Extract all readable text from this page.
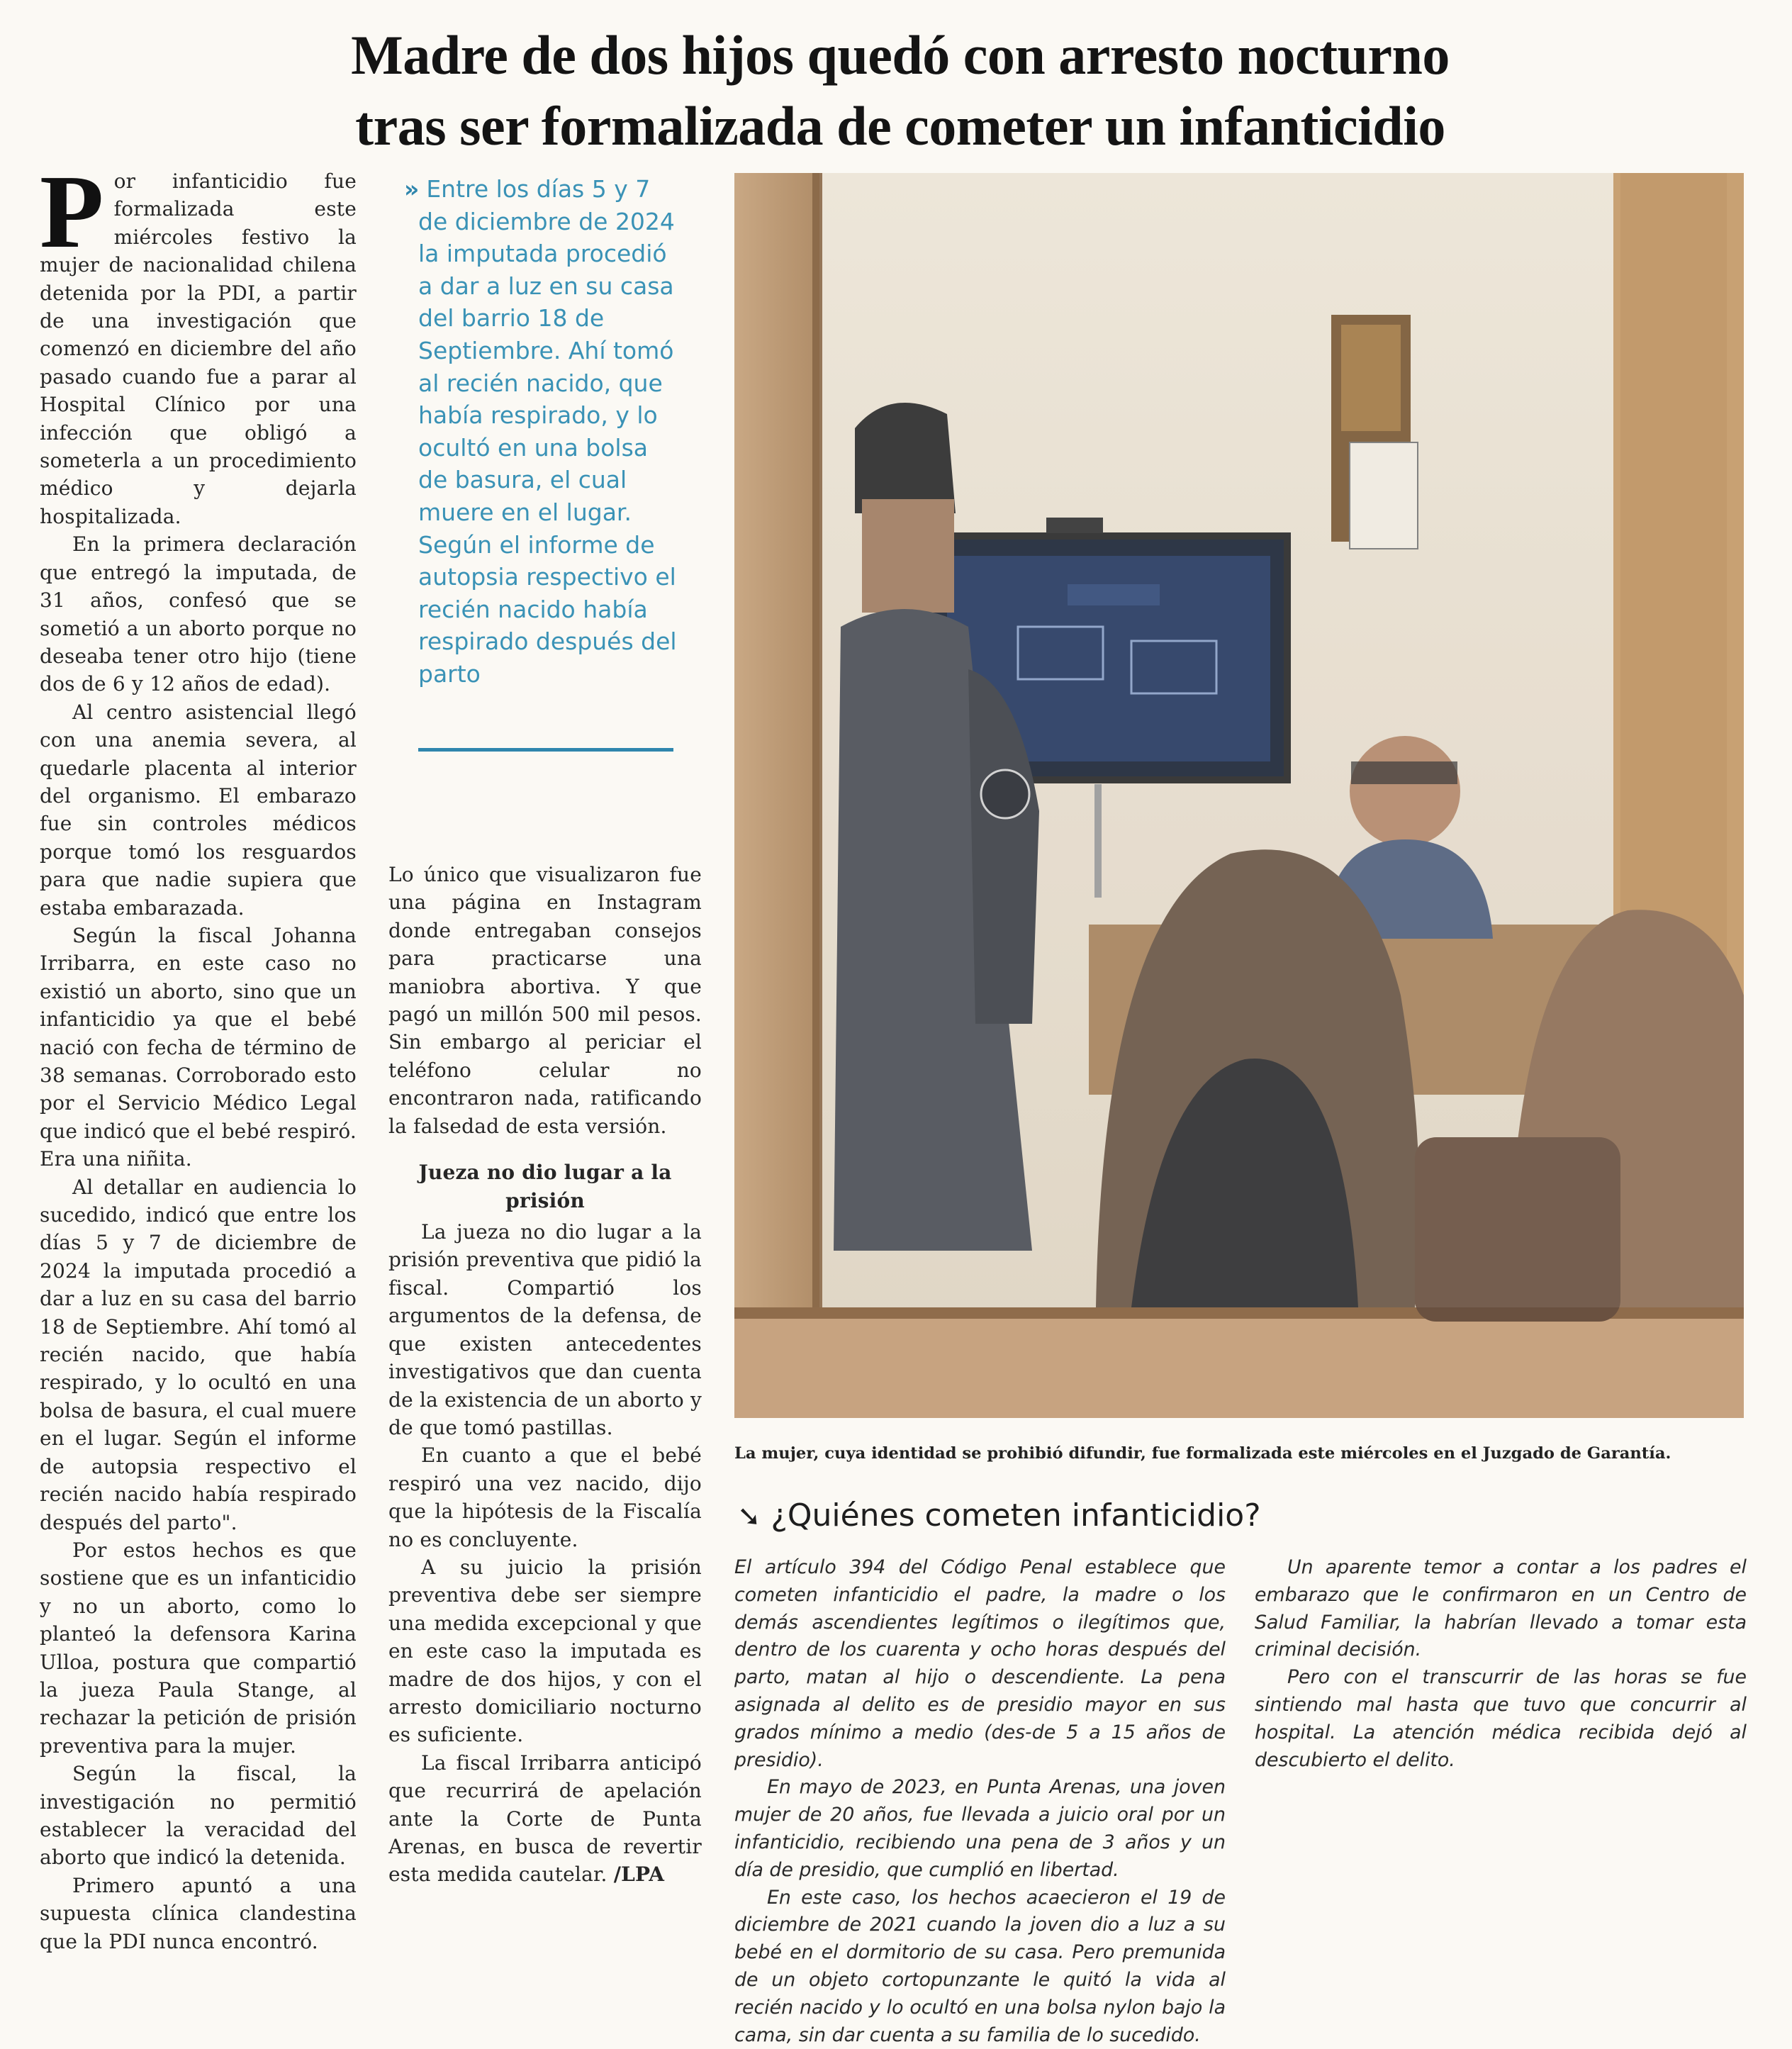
Madre de dos hijos quedó con arresto nocturno
tras ser formalizada de cometer un infanticidio

Por infanticidio fue formalizada este miércoles festivo la mujer de nacionalidad chilena detenida por la PDI, a partir de una investigación que comenzó en diciembre del año pasado cuando fue a parar al Hospital Clínico por una infección que obligó a someterla a un procedimiento médico y dejarla hospitalizada.

En la primera declaración que entregó la imputada, de 31 años, confesó que se sometió a un aborto porque no deseaba tener otro hijo (tiene dos de 6 y 12 años de edad).

Al centro asistencial llegó con una anemia severa, al quedarle placenta al interior del organismo. El embarazo fue sin controles médicos porque tomó los resguardos para que nadie supiera que estaba embarazada.

Según la fiscal Johanna Irribarra, en este caso no existió un aborto, sino que un infanticidio ya que el bebé nació con fecha de término de 38 semanas. Corroborado esto por el Servicio Médico Legal que indicó que el bebé respiró. Era una niñita.

Al detallar en audiencia lo sucedido, indicó que entre los días 5 y 7 de diciembre de 2024 la imputada procedió a dar a luz en su casa del barrio 18 de Septiembre. Ahí tomó al recién nacido, que había respirado, y lo ocultó en una bolsa de basura, el cual muere en el lugar. Según el informe de autopsia respectivo el recién nacido había respirado después del parto".

Por estos hechos es que sostiene que es un infanticidio y no un aborto, como lo planteó la defensora Karina Ulloa, postura que compartió la jueza Paula Stange, al rechazar la petición de prisión preventiva para la mujer.

Según la fiscal, la investigación no permitió establecer la veracidad del aborto que indicó la detenida.

Primero apuntó a una supuesta clínica clandestina que la PDI nunca encontró.

» Entre los días 5 y 7 de diciembre de 2024 la imputada procedió a dar a luz en su casa del barrio 18 de Septiembre. Ahí tomó al recién nacido, que había respirado, y lo ocultó en una bolsa de basura, el cual muere en el lugar. Según el informe de autopsia respectivo el recién nacido había respirado después del parto

Lo único que visualizaron fue una página en Instagram donde entregaban consejos para practicarse una maniobra abortiva. Y que pagó un millón 500 mil pesos. Sin embargo al periciar el teléfono celular no encontraron nada, ratificando la falsedad de esta versión.

Jueza no dio lugar a la prisión

La jueza no dio lugar a la prisión preventiva que pidió la fiscal. Compartió los argumentos de la defensa, de que existen antecedentes investigativos que dan cuenta de la existencia de un aborto y de que tomó pastillas.

En cuanto a que el bebé respiró una vez nacido, dijo que la hipótesis de la Fiscalía no es concluyente.

A su juicio la prisión preventiva debe ser siempre una medida excepcional y que en este caso la imputada es madre de dos hijos, y con el arresto domiciliario nocturno es suficiente.

La fiscal Irribarra anticipó que recurrirá de apelación ante la Corte de Punta Arenas, en busca de revertir esta medida cautelar. /LPA

La mujer, cuya identidad se prohibió difundir, fue formalizada este miércoles en el Juzgado de Garantía.
➘ ¿Quiénes cometen infanticidio?

El artículo 394 del Código Penal establece que cometen infanticidio el padre, la madre o los demás ascendientes legítimos o ilegítimos que, dentro de los cuarenta y ocho horas después del parto, matan al hijo o descendiente. La pena asignada al delito es de presidio mayor en sus grados mínimo a medio (des-de 5 a 15 años de presidio).

En mayo de 2023, en Punta Arenas, una joven mujer de 20 años, fue llevada a juicio oral por un infanticidio, recibiendo una pena de 3 años y un día de presidio, que cumplió en libertad.

En este caso, los hechos acaecieron el 19 de diciembre de 2021 cuando la joven dio a luz a su bebé en el dormitorio de su casa. Pero premunida de un objeto cortopunzante le quitó la vida al recién nacido y lo ocultó en una bolsa nylon bajo la cama, sin dar cuenta a su familia de lo sucedido.

Un aparente temor a contar a los padres el embarazo que le confirmaron en un Centro de Salud Familiar, la habrían llevado a tomar esta criminal decisión.

Pero con el transcurrir de las horas se fue sintiendo mal hasta que tuvo que concurrir al hospital. La atención médica recibida dejó al descubierto el delito.
